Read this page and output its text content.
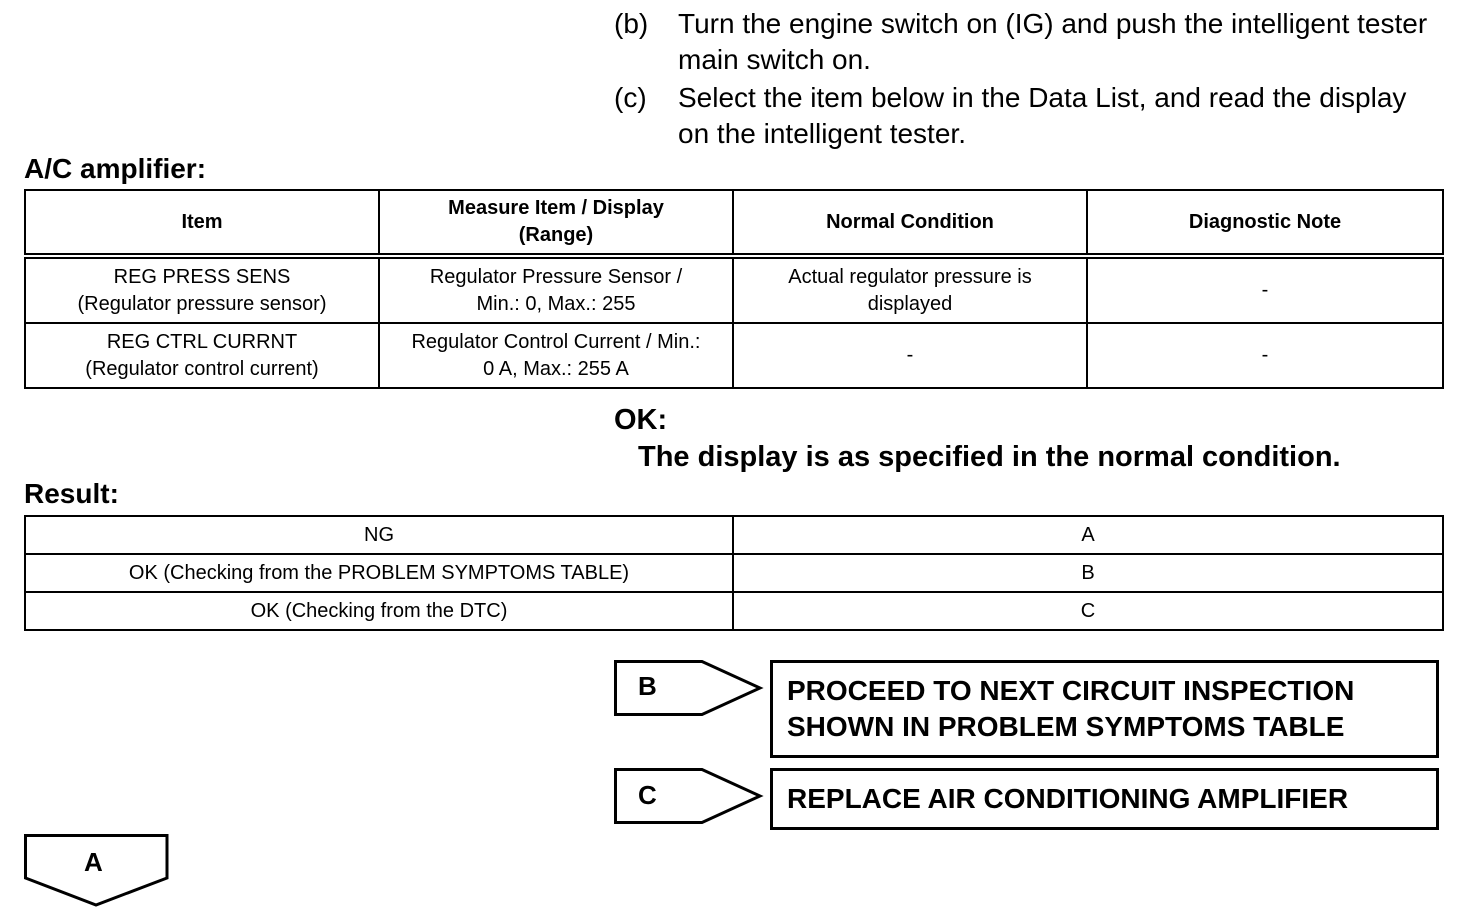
(b) Turn the engine switch on (IG) and push the intelligent tester main switch on.
(c) Select the item below in the Data List, and read the display on the intelligent tester.
A/C amplifier:
Item	Measure Item / Display (Range)	Normal Condition	Diagnostic Note
REG PRESS SENS (Regulator pressure sensor)	Regulator Pressure Sensor / Min.: 0, Max.: 255	Actual regulator pressure is displayed	-
REG CTRL CURRNT (Regulator control current)	Regulator Control Current / Min.: 0 A, Max.: 255 A	-	-
OK:
The display is as specified in the normal condition.
Result:
NG	A
OK (Checking from the PROBLEM SYMPTOMS TABLE)	B
OK (Checking from the DTC)	C
B	PROCEED TO NEXT CIRCUIT INSPECTION SHOWN IN PROBLEM SYMPTOMS TABLE
C	REPLACE AIR CONDITIONING AMPLIFIER
A
